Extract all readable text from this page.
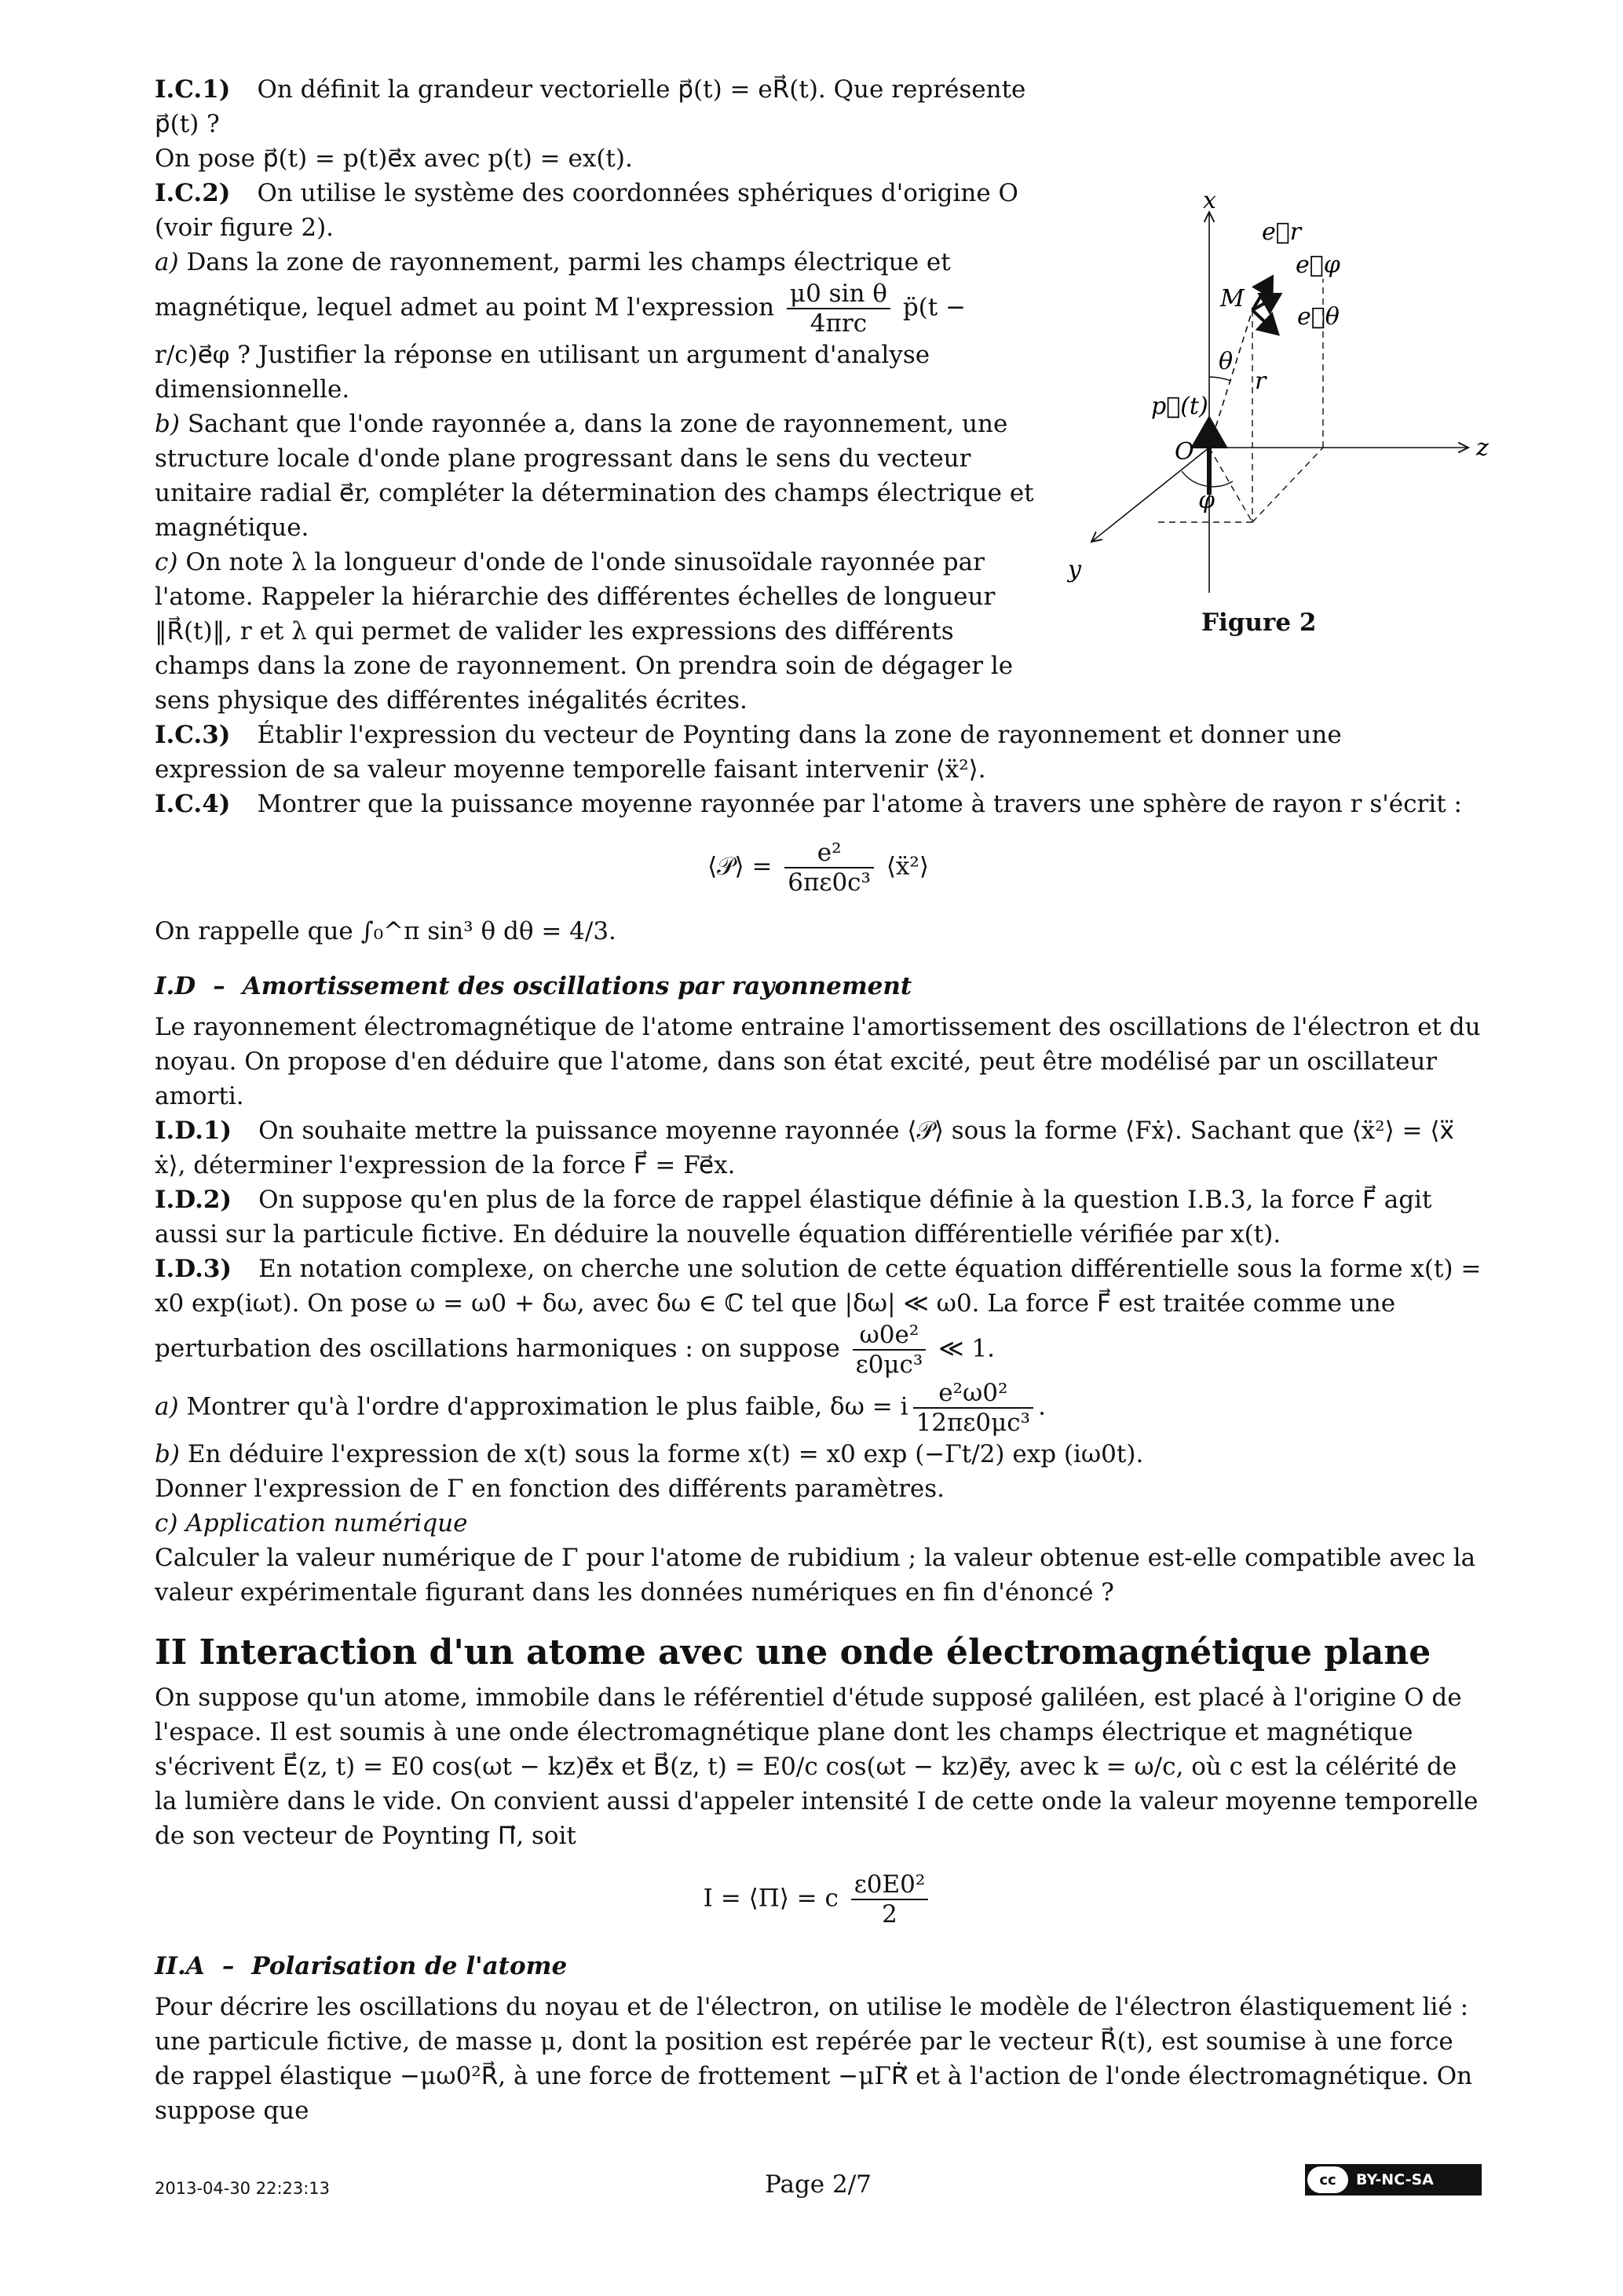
I.C.1) On définit la grandeur vectorielle p⃗(t) = eR⃗(t). Que représente p⃗(t) ?

On pose p⃗(t) = p(t)e⃗x avec p(t) = ex(t).

I.C.2) On utilise le système des coordonnées sphériques d'origine O (voir figure 2).

a) Dans la zone de rayonnement, parmi les champs électrique et magnétique, lequel admet au point M l'expression $\frac{\text{μ0 sin θ}}{\text{4πrc}}$ p̈(t − r/c)e⃗φ ? Justifier la réponse en utilisant un argument d'analyse dimensionnelle.

b) Sachant que l'onde rayonnée a, dans la zone de rayonnement, une structure locale d'onde plane progressant dans le sens du vecteur unitaire radial e⃗r, compléter la détermination des champs électrique et magnétique.

c) On note λ la longueur d'onde de l'onde sinusoïdale rayonnée par l'atome. Rappeler la hiérarchie des différentes échelles de longueur ‖R⃗(t)‖, r et λ qui permet de valider les expressions des différents champs dans la zone de rayonnement. On prendra soin de dégager le sens physique des différentes inégalités écrites.

I.C.3) Établir l'expression du vecteur de Poynting dans la zone de rayonnement et donner une expression de sa valeur moyenne temporelle faisant intervenir ⟨ẍ²⟩.

I.C.4) Montrer que la puissance moyenne rayonnée par l'atome à travers une sphère de rayon r s'écrit :

⟨𝒫⟩ = $\frac{\text{e²}}{\text{6πε0c³}}$ ⟨ẍ²⟩

On rappelle que ∫₀^π sin³ θ dθ = 4/3.

I.D – Amortissement des oscillations par rayonnement

Le rayonnement électromagnétique de l'atome entraine l'amortissement des oscillations de l'électron et du noyau. On propose d'en déduire que l'atome, dans son état excité, peut être modélisé par un oscillateur amorti.

I.D.1) On souhaite mettre la puissance moyenne rayonnée ⟨𝒫⟩ sous la forme ⟨Fẋ⟩. Sachant que ⟨ẍ²⟩ = ⟨x⃛ ẋ⟩, déterminer l'expression de la force F⃗ = Fe⃗x.

I.D.2) On suppose qu'en plus de la force de rappel élastique définie à la question I.B.3, la force F⃗ agit aussi sur la particule fictive. En déduire la nouvelle équation différentielle vérifiée par x(t).

I.D.3) En notation complexe, on cherche une solution de cette équation différentielle sous la forme x(t) = x0 exp(iωt). On pose ω = ω0 + δω, avec δω ∈ ℂ tel que |δω| ≪ ω0. La force F⃗ est traitée comme une perturbation des oscillations harmoniques : on suppose $\frac{\text{ω0e²}}{\text{ε0μc³}}$ ≪ 1.

a) Montrer qu'à l'ordre d'approximation le plus faible, δω = i $\frac{\text{e²ω0²}}{\text{12πε0μc³}}$ .

b) En déduire l'expression de x(t) sous la forme x(t) = x0 exp (−Γt/2) exp (iω0t).

Donner l'expression de Γ en fonction des différents paramètres.

c) Application numérique

Calculer la valeur numérique de Γ pour l'atome de rubidium ; la valeur obtenue est-elle compatible avec la valeur expérimentale figurant dans les données numériques en fin d'énoncé ?

II Interaction d'un atome avec une onde électromagnétique plane

On suppose qu'un atome, immobile dans le référentiel d'étude supposé galiléen, est placé à l'origine O de l'espace. Il est soumis à une onde électromagnétique plane dont les champs électrique et magnétique s'écrivent E⃗(z, t) = E0 cos(ωt − kz)e⃗x et B⃗(z, t) = E0/c cos(ωt − kz)e⃗y, avec k = ω/c, où c est la célérité de la lumière dans le vide. On convient aussi d'appeler intensité I de cette onde la valeur moyenne temporelle de son vecteur de Poynting Π⃗, soit

I = ⟨Π⟩ = c $\frac{\text{ε0E0²}}{2}$

II.A – Polarisation de l'atome

Pour décrire les oscillations du noyau et de l'électron, on utilise le modèle de l'électron élastiquement lié : une particule fictive, de masse μ, dont la position est repérée par le vecteur R⃗(t), est soumise à une force de rappel élastique −μω0²R⃗, à une force de frottement −μΓṘ⃗ et à l'action de l'onde électromagnétique. On suppose que

x
z
y
O
M
r
θ
φ
p⃗(t)
e⃗r
e⃗φ
e⃗θ
Figure 2
2013-04-30 22:23:13	Page 2/7	cc	BY-NC-SA
